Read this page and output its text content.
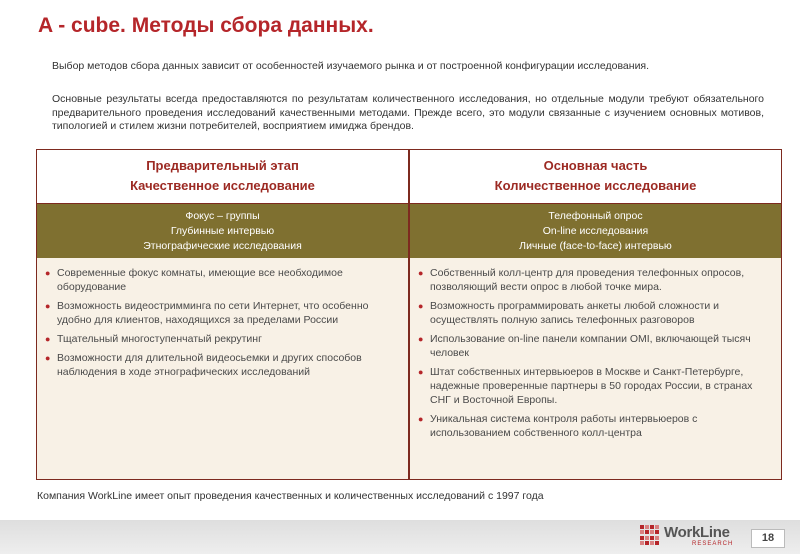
A - cube. Методы сбора данных.
Выбор методов сбора данных зависит от особенностей изучаемого рынка и от построенной конфигурации исследования.
Основные результаты всегда предоставляются по результатам количественного исследования, но отдельные модули требуют обязательного предварительного проведения исследований качественными методами. Прежде всего, это модули связанные с изучением основных мотивов, типологией и стилем жизни потребителей, восприятием имиджа брендов.
Предварительный этап
Качественное исследование
Фокус – группы
Глубинные интервью
Этнографические исследования
● Современные фокус комнаты, имеющие все необходимое оборудование
● Возможность видеостримминга по сети Интернет, что особенно удобно для клиентов, находящихся за пределами России
● Тщательный многоступенчатый рекрутинг
● Возможности для длительной видеосьемки и других способов наблюдения в ходе этнографических исследований
Основная часть
Количественное исследование
Телефонный опрос
On-line исследования
Личные (face-to-face) интервью
● Собственный колл-центр для проведения телефонных опросов, позволяющий вести опрос в любой точке мира.
● Возможность программировать анкеты любой сложности и осуществлять полную запись телефонных разговоров
● Использование on-line панели компании OMI, включающей тысяч человек
● Штат собственных интервьюеров в Москве и Санкт-Петербурге, надежные проверенные партнеры в 50 городах России, в странах СНГ и Восточной Европы.
● Уникальная система контроля работы интервьюеров с использованием собственного колл-центра
Компания WorkLine имеет опыт проведения качественных и количественных исследований с 1997 года
WorkLine
RESEARCH	18
